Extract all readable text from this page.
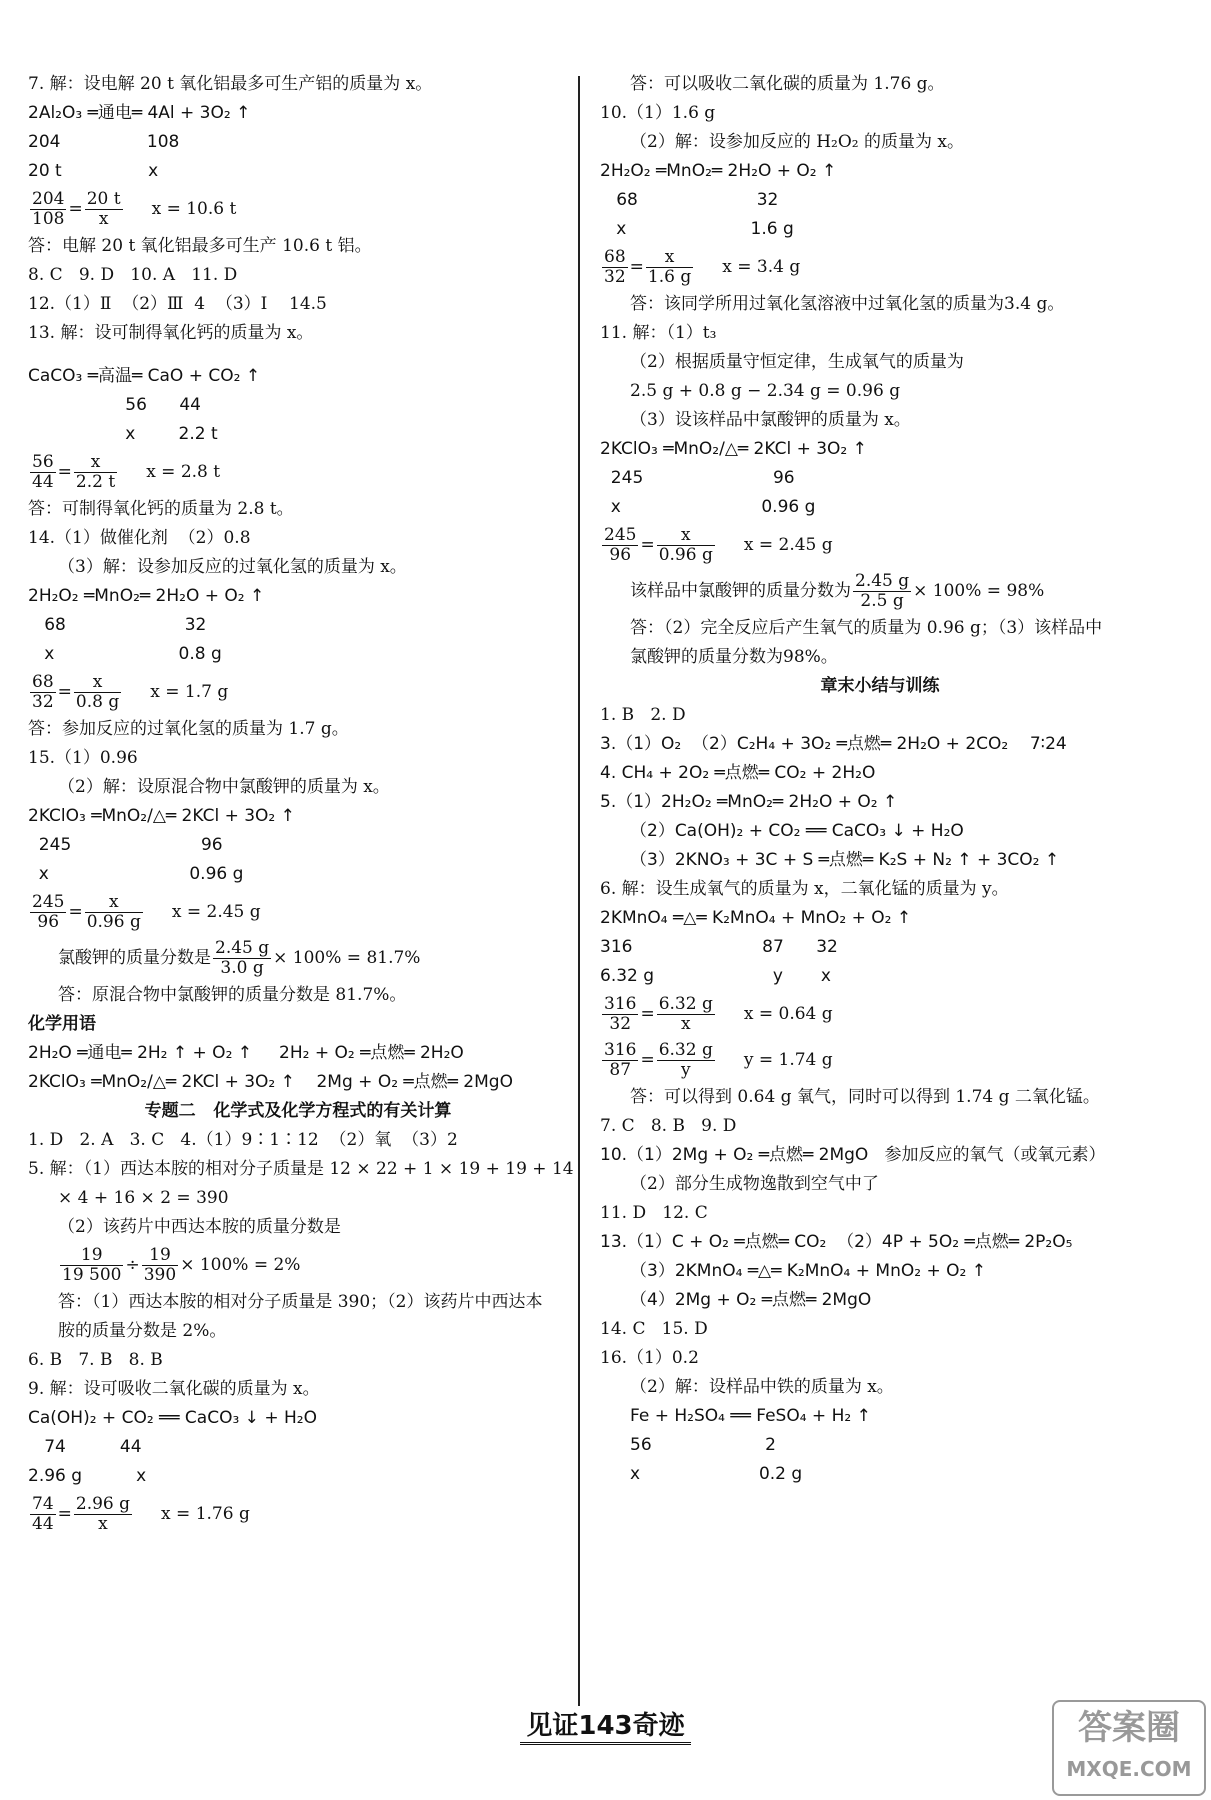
7. 解：设电解 20 t 氧化铝最多可生产铝的质量为 x。
2Al₂O₃ ═通电═ 4Al + 3O₂ ↑
204                108
20 t                x
$\frac{204}{108} = \frac{20 t}{x}$ x = 10.6 t
答：电解 20 t 氧化铝最多可生产 10.6 t 铝。
8. C   9. D   10. A   11. D
12.（1）Ⅱ  （2）Ⅲ  4  （3）Ⅰ    14.5
13. 解：设可制得氧化钙的质量为 x。
CaCO₃ ═高温═ CaO + CO₂ ↑
56      44
x        2.2 t
$\frac{56}{44} = \frac{x}{2.2 t}$ x = 2.8 t
答：可制得氧化钙的质量为 2.8 t。
14.（1）做催化剂  （2）0.8
（3）解：设参加反应的过氧化氢的质量为 x。
2H₂O₂ ═MnO₂═ 2H₂O + O₂ ↑
68                      32
x                       0.8 g
$\frac{68}{32} = \frac{x}{0.8 g}$ x = 1.7 g
答：参加反应的过氧化氢的质量为 1.7 g。
15.（1）0.96
（2）解：设原混合物中氯酸钾的质量为 x。
2KClO₃ ═MnO₂/△═ 2KCl + 3O₂ ↑
245                        96
x                          0.96 g
$\frac{245}{96} = \frac{x}{0.96 g}$ x = 2.45 g
氯酸钾的质量分数是 $\frac{2.45 g}{3.0 g} \times 100\% = 81.7\%$
答：原混合物中氯酸钾的质量分数是 81.7%。
化学用语
2H₂O ═通电═ 2H₂ ↑ + O₂ ↑     2H₂ + O₂ ═点燃═ 2H₂O
2KClO₃ ═MnO₂/△═ 2KCl + 3O₂ ↑    2Mg + O₂ ═点燃═ 2MgO
专题二   化学式及化学方程式的有关计算
1. D   2. A   3. C   4.（1）9∶1∶12  （2）氧  （3）2
5. 解：（1）西达本胺的相对分子质量是 12 × 22 + 1 × 19 + 19 + 14
× 4 + 16 × 2 = 390
（2）该药片中西达本胺的质量分数是
$\frac{19}{19 500} \div \frac{19}{390} \times 100\% = 2\%$
答：（1）西达本胺的相对分子质量是 390；（2）该药片中西达本
胺的质量分数是 2%。
6. B   7. B   8. B
9. 解：设可吸收二氧化碳的质量为 x。
Ca(OH)₂ + CO₂ ══ CaCO₃ ↓ + H₂O
74          44
2.96 g          x
$\frac{74}{44} = \frac{2.96 g}{x}$ x = 1.76 g
答：可以吸收二氧化碳的质量为 1.76 g。
10.（1）1.6 g
（2）解：设参加反应的 H₂O₂ 的质量为 x。
2H₂O₂ ═MnO₂═ 2H₂O + O₂ ↑
68                      32
x                       1.6 g
$\frac{68}{32} = \frac{x}{1.6 g}$ x = 3.4 g
答：该同学所用过氧化氢溶液中过氧化氢的质量为3.4 g。
11. 解：（1）t₃
（2）根据质量守恒定律，生成氧气的质量为
2.5 g + 0.8 g − 2.34 g = 0.96 g
（3）设该样品中氯酸钾的质量为 x。
2KClO₃ ═MnO₂/△═ 2KCl + 3O₂ ↑
245                        96
x                          0.96 g
$\frac{245}{96} = \frac{x}{0.96 g}$ x = 2.45 g
该样品中氯酸钾的质量分数为 $\frac{2.45 g}{2.5 g} \times 100\% = 98\%$
答：（2）完全反应后产生氧气的质量为 0.96 g；（3）该样品中
氯酸钾的质量分数为98%。
章末小结与训练
1. B   2. D
3.（1）O₂  （2）C₂H₄ + 3O₂ ═点燃═ 2H₂O + 2CO₂    7∶24
4. CH₄ + 2O₂ ═点燃═ CO₂ + 2H₂O
5.（1）2H₂O₂ ═MnO₂═ 2H₂O + O₂ ↑
（2）Ca(OH)₂ + CO₂ ══ CaCO₃ ↓ + H₂O
（3）2KNO₃ + 3C + S ═点燃═ K₂S + N₂ ↑ + 3CO₂ ↑
6. 解：设生成氧气的质量为 x，二氧化锰的质量为 y。
2KMnO₄ ═△═ K₂MnO₄ + MnO₂ + O₂ ↑
316                        87      32
6.32 g                      y       x
$\frac{316}{32} = \frac{6.32 g}{x}$ x = 0.64 g
$\frac{316}{87} = \frac{6.32 g}{y}$ y = 1.74 g
答：可以得到 0.64 g 氧气，同时可以得到 1.74 g 二氧化锰。
7. C   8. B   9. D
10.（1）2Mg + O₂ ═点燃═ 2MgO   参加反应的氧气（或氧元素）
（2）部分生成物逸散到空气中了
11. D   12. C
13.（1）C + O₂ ═点燃═ CO₂  （2）4P + 5O₂ ═点燃═ 2P₂O₅
（3）2KMnO₄ ═△═ K₂MnO₄ + MnO₂ + O₂ ↑
（4）2Mg + O₂ ═点燃═ 2MgO
14. C   15. D
16.（1）0.2
（2）解：设样品中铁的质量为 x。
Fe + H₂SO₄ ══ FeSO₄ + H₂ ↑
56                     2
x                      0.2 g
见证143奇迹	答案圈
MXQE.COM
